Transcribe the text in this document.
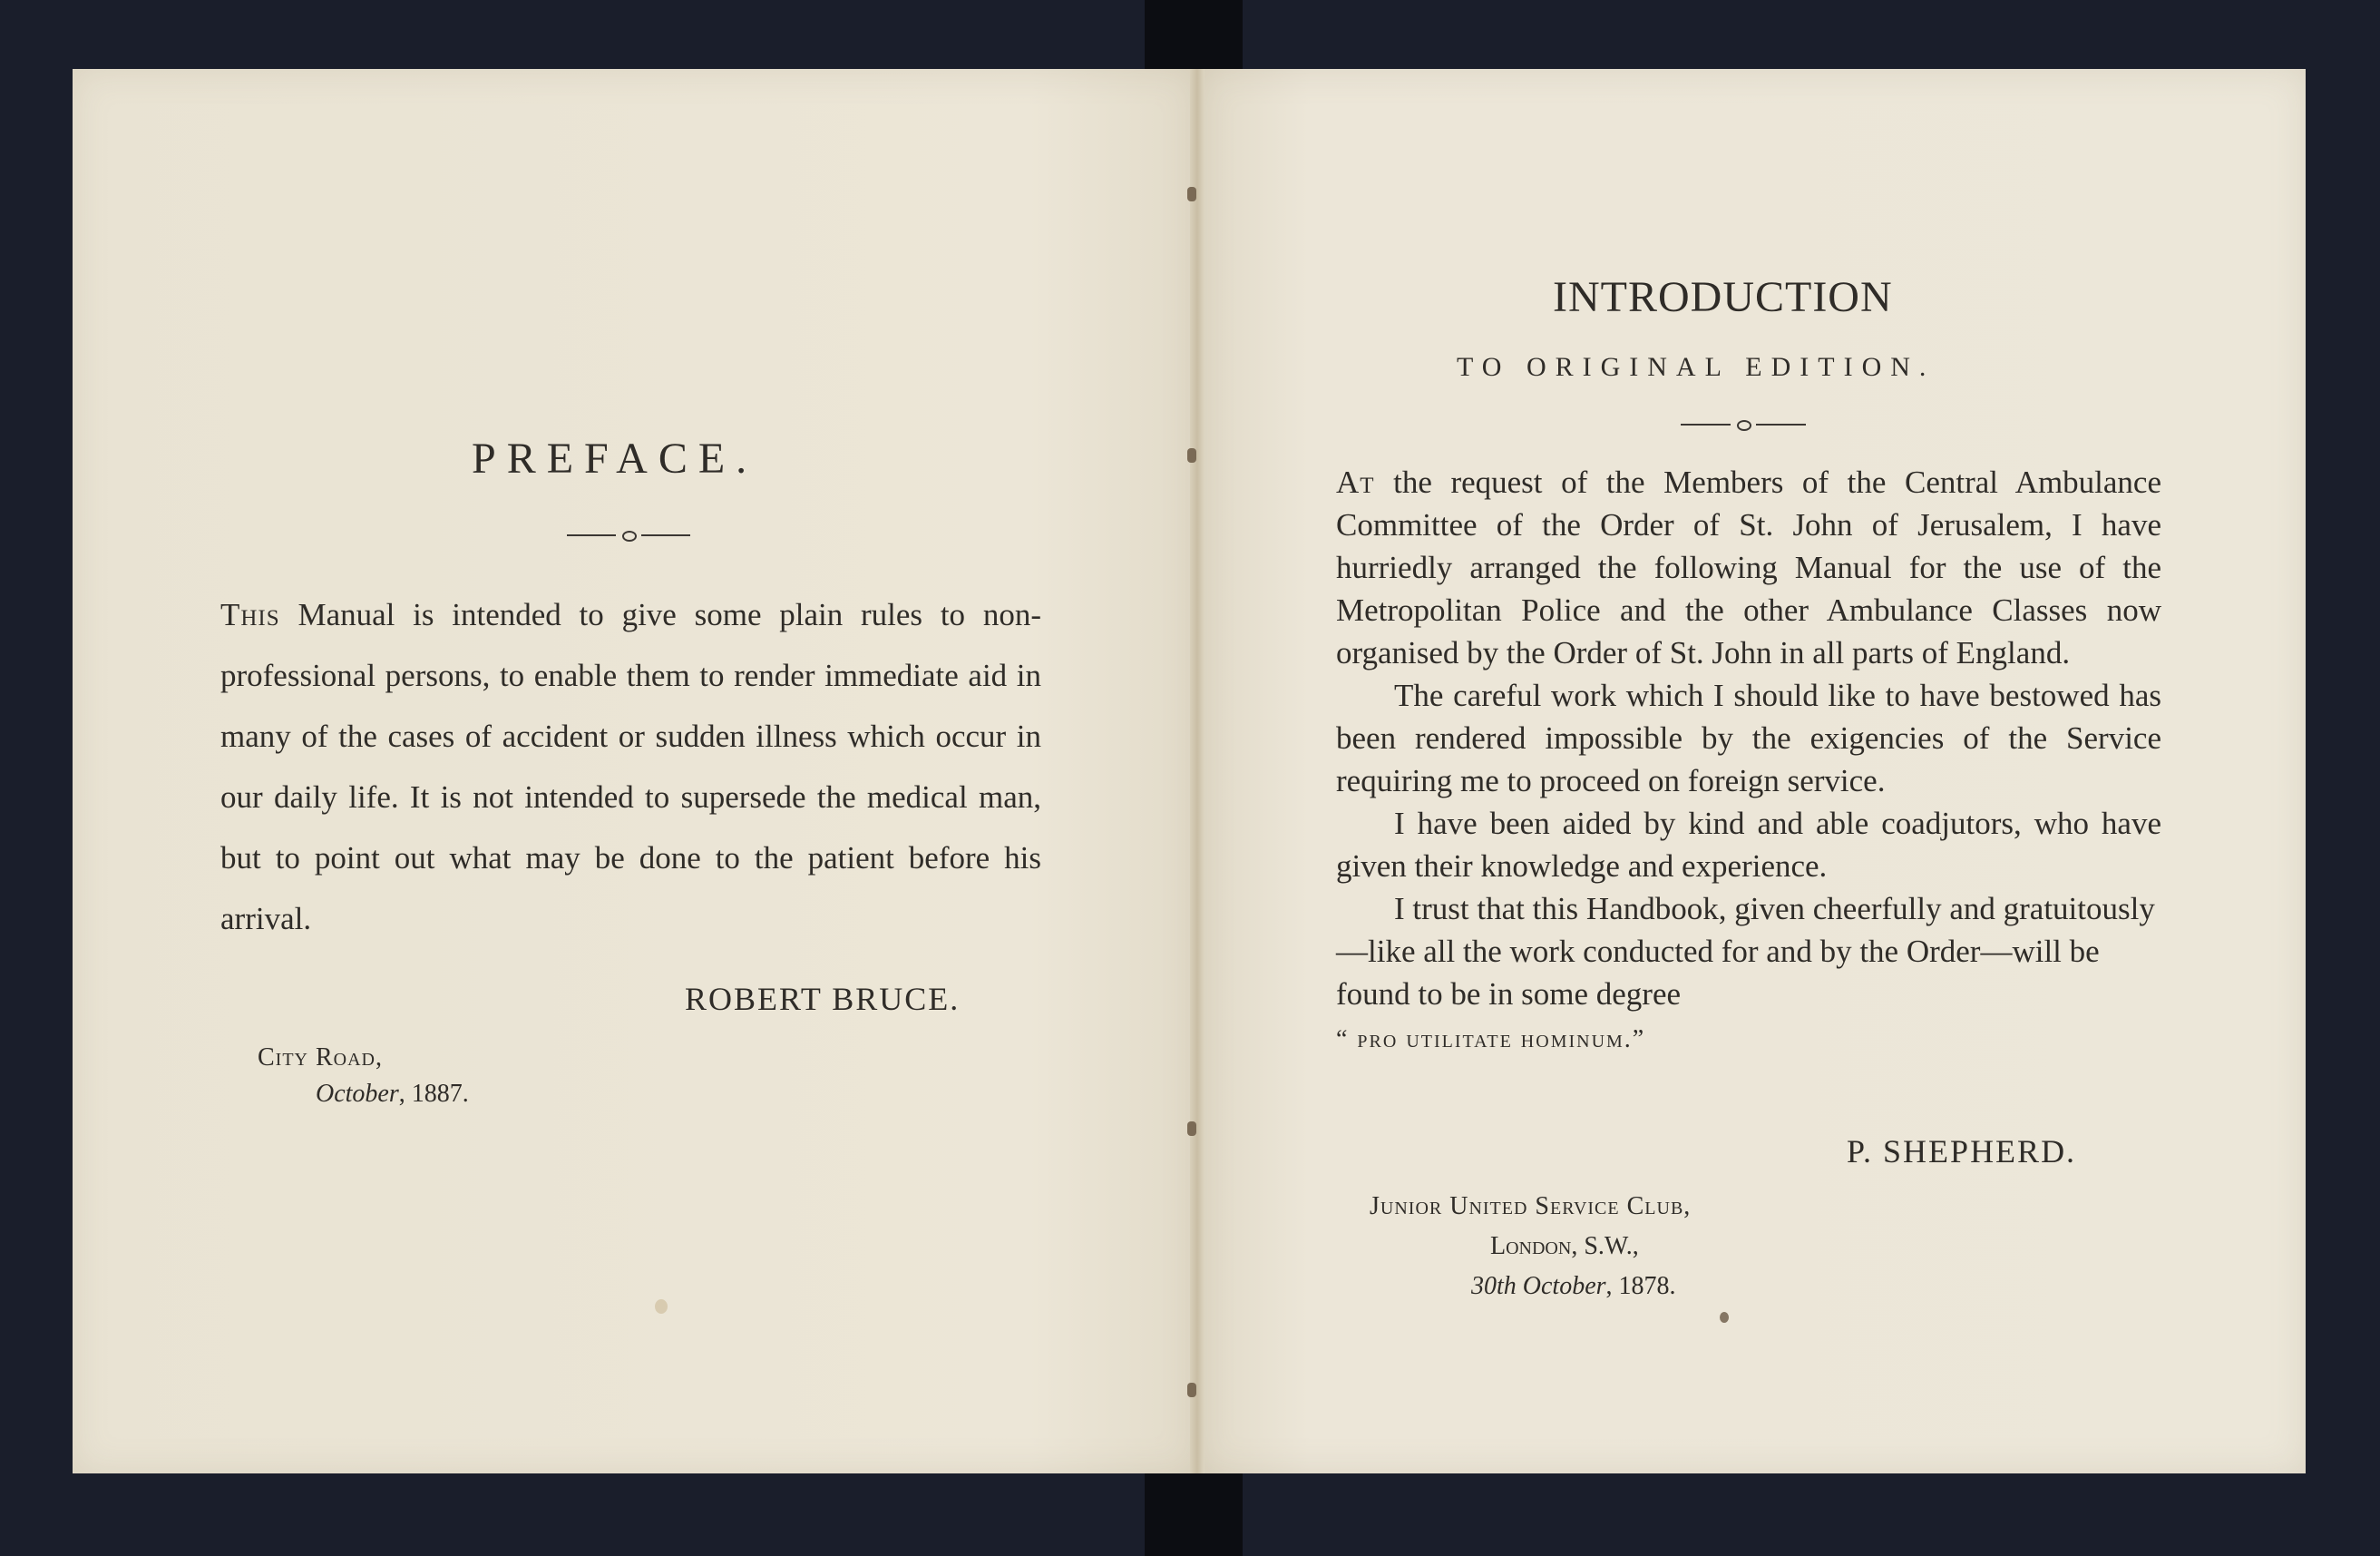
PREFACE.

This Manual is intended to give some plain rules to non-professional persons, to enable them to render immediate aid in many of the cases of accident or sudden illness which occur in our daily life. It is not intended to supersede the medical man, but to point out what may be done to the patient before his arrival.

ROBERT BRUCE.

City Road,

October, 1887.

INTRODUCTION

TO ORIGINAL EDITION.

At the request of the Members of the Central Ambulance Committee of the Order of St. John of Jerusalem, I have hurriedly arranged the following Manual for the use of the Metropolitan Police and the other Ambulance Classes now organised by the Order of St. John in all parts of England.

The careful work which I should like to have bestowed has been rendered impossible by the exigencies of the Service requiring me to proceed on foreign service.

I have been aided by kind and able coadjutors, who have given their knowledge and experience.

I trust that this Handbook, given cheerfully and gratuitously—like all the work conducted for and by the Order—will be found to be in some degree
“ pro utilitate hominum.”

P. SHEPHERD.

Junior United Service Club,

London, S.W.,

30th October, 1878.
